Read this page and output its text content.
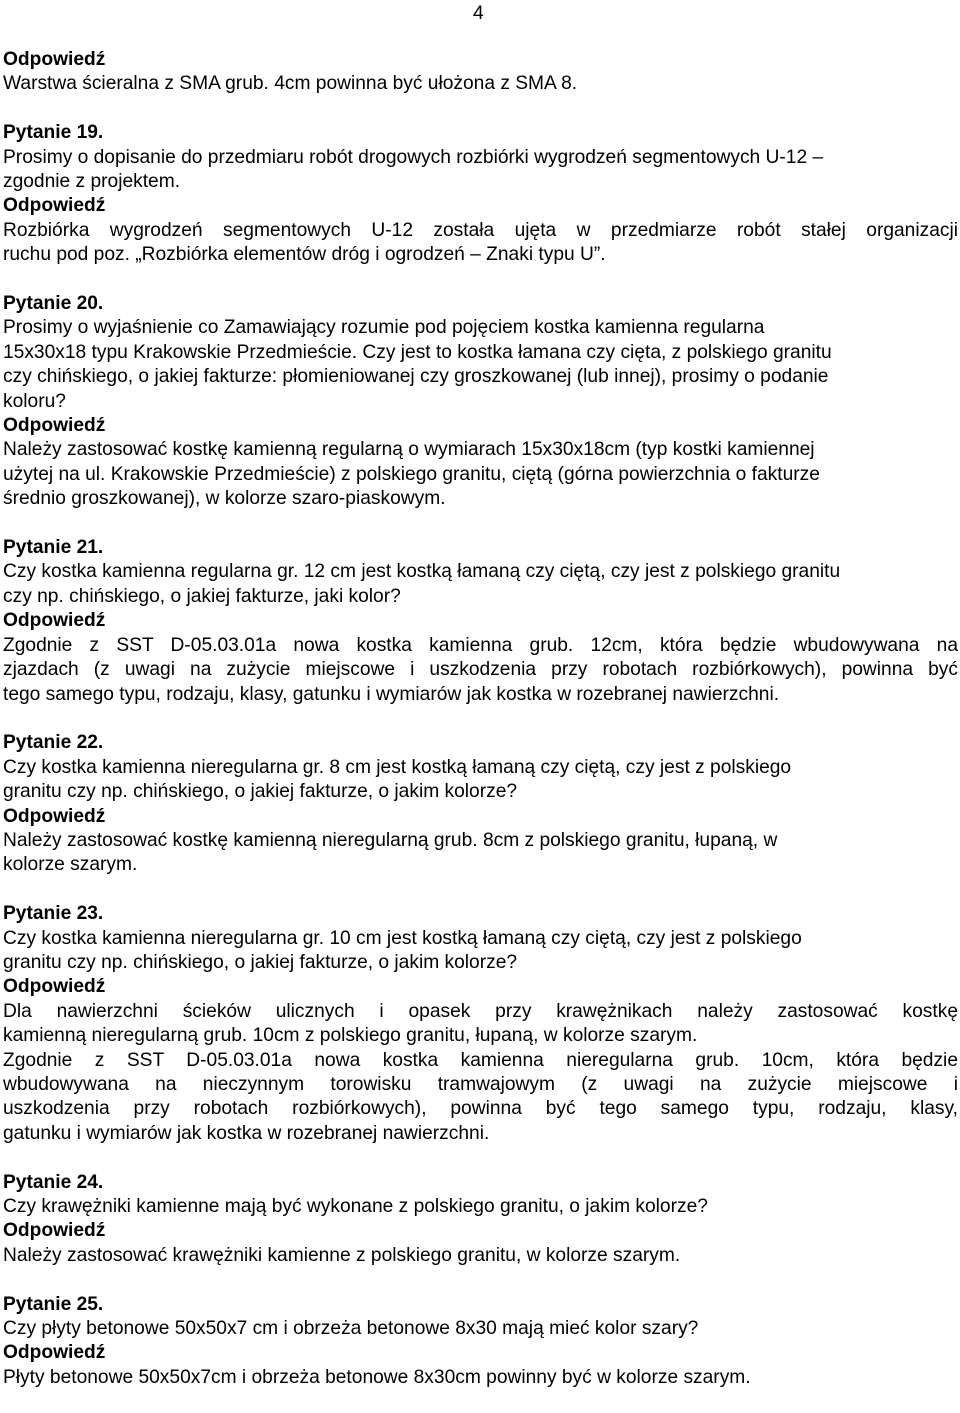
4
Odpowiedź
Warstwa ścieralna z SMA grub. 4cm powinna być ułożona z SMA 8.
Pytanie 19.
Prosimy o dopisanie do przedmiaru robót drogowych rozbiórki wygrodzeń segmentowych U-12 –
zgodnie z projektem.
Odpowiedź
Rozbiórka wygrodzeń segmentowych U-12 została ujęta w przedmiarze robót stałej organizacji
ruchu pod poz. „Rozbiórka elementów dróg i ogrodzeń – Znaki typu U”.
Pytanie 20.
Prosimy o wyjaśnienie co Zamawiający rozumie pod pojęciem kostka kamienna regularna
15x30x18 typu Krakowskie Przedmieście. Czy jest to kostka łamana czy cięta, z polskiego granitu
czy chińskiego, o jakiej fakturze: płomieniowanej czy groszkowanej (lub innej), prosimy o podanie
koloru?
Odpowiedź
Należy zastosować kostkę kamienną regularną o wymiarach 15x30x18cm (typ kostki kamiennej
użytej na ul. Krakowskie Przedmieście) z polskiego granitu, ciętą (górna powierzchnia o fakturze
średnio groszkowanej), w kolorze szaro-piaskowym.
Pytanie 21.
Czy kostka kamienna regularna gr. 12 cm jest kostką łamaną czy ciętą, czy jest z polskiego granitu
czy np. chińskiego, o jakiej fakturze, jaki kolor?
Odpowiedź
Zgodnie z SST D-05.03.01a nowa kostka kamienna grub. 12cm, która będzie wbudowywana na
zjazdach (z uwagi na zużycie miejscowe i uszkodzenia przy robotach rozbiórkowych), powinna być
tego samego typu, rodzaju, klasy, gatunku i wymiarów jak kostka w rozebranej nawierzchni.
Pytanie 22.
Czy kostka kamienna nieregularna gr. 8 cm jest kostką łamaną czy ciętą, czy jest z polskiego
granitu czy np. chińskiego, o jakiej fakturze, o jakim kolorze?
Odpowiedź
Należy zastosować kostkę kamienną nieregularną grub. 8cm z polskiego granitu, łupaną, w
kolorze szarym.
Pytanie 23.
Czy kostka kamienna nieregularna gr. 10 cm jest kostką łamaną czy ciętą, czy jest z polskiego
granitu czy np. chińskiego, o jakiej fakturze, o jakim kolorze?
Odpowiedź
Dla nawierzchni ścieków ulicznych i opasek przy krawężnikach należy zastosować kostkę
kamienną nieregularną grub. 10cm z polskiego granitu, łupaną, w kolorze szarym.
Zgodnie z SST D-05.03.01a nowa kostka kamienna nieregularna grub. 10cm, która będzie
wbudowywana na nieczynnym torowisku tramwajowym (z uwagi na zużycie miejscowe i
uszkodzenia przy robotach rozbiórkowych), powinna być tego samego typu, rodzaju, klasy,
gatunku i wymiarów jak kostka w rozebranej nawierzchni.
Pytanie 24.
Czy krawężniki kamienne mają być wykonane z polskiego granitu, o jakim kolorze?
Odpowiedź
Należy zastosować krawężniki kamienne z polskiego granitu, w kolorze szarym.
Pytanie 25.
Czy płyty betonowe 50x50x7 cm i obrzeża betonowe 8x30 mają mieć kolor szary?
Odpowiedź
Płyty betonowe 50x50x7cm i obrzeża betonowe 8x30cm powinny być w kolorze szarym.
